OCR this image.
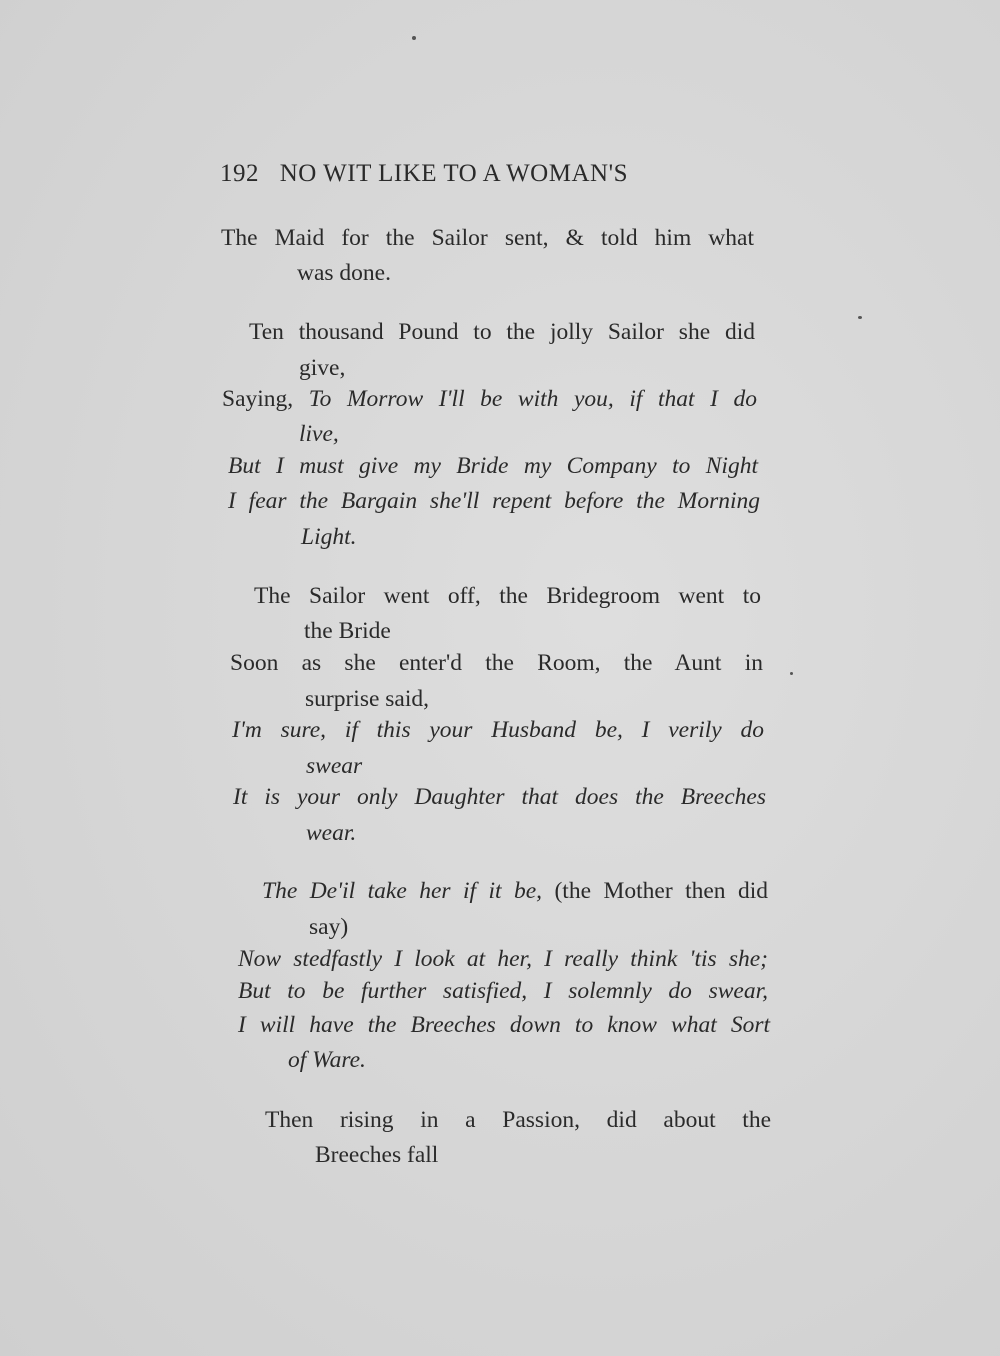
192 NO WIT LIKE TO A WOMAN'S
The Maid for the Sailor sent, & told him what
was done.
Ten thousand Pound to the jolly Sailor she did
give,
Saying, To Morrow I'll be with you, if that I do
live,
But I must give my Bride my Company to Night
I fear the Bargain she'll repent before the Morning
Light.
The Sailor went off, the Bridegroom went to
the Bride
Soon as she enter'd the Room, the Aunt in
surprise said,
I'm sure, if this your Husband be, I verily do
swear
It is your only Daughter that does the Breeches
wear.
The De'il take her if it be, (the Mother then did
say)
Now stedfastly I look at her, I really think 'tis she;
But to be further satisfied, I solemnly do swear,
I will have the Breeches down to know what Sort
of Ware.
Then rising in a Passion, did about the
Breeches fall
